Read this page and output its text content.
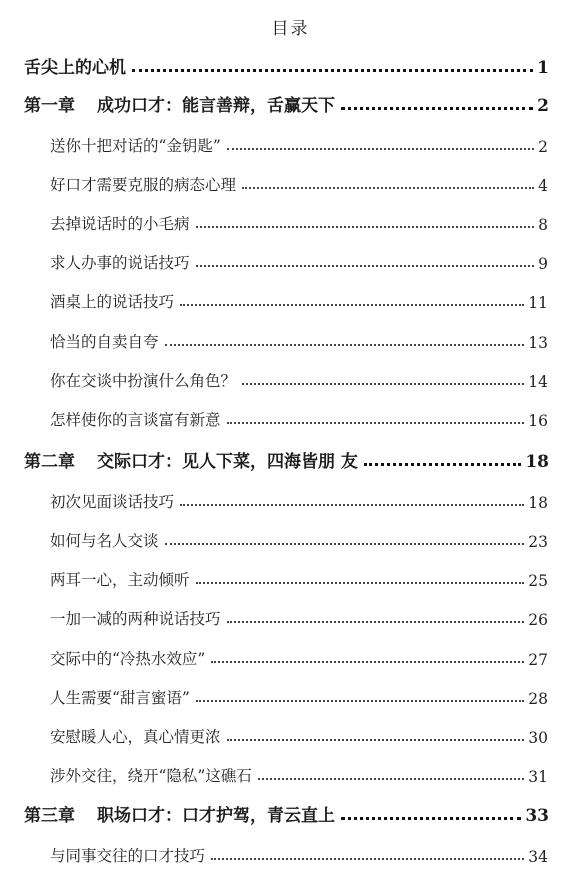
目录
舌尖上的心机	1
第一章 成功口才：能言善辩，舌赢天下	2
送你十把对话的“金钥匙”	2
好口才需要克服的病态心理	4
去掉说话时的小毛病	8
求人办事的说话技巧	9
酒桌上的说话技巧	11
恰当的自卖自夸	13
你在交谈中扮演什么角色？	14
怎样使你的言谈富有新意	16
第二章 交际口才：见人下菜，四海皆朋 友	18
初次见面谈话技巧	18
如何与名人交谈	23
两耳一心，主动倾听	25
一加一减的两种说话技巧	26
交际中的“冷热水效应”	27
人生需要“甜言蜜语”	28
安慰暖人心，真心情更浓	30
涉外交往，绕开“隐私”这礁石	31
第三章 职场口才：口才护驾，青云直上	33
与同事交往的口才技巧	34
